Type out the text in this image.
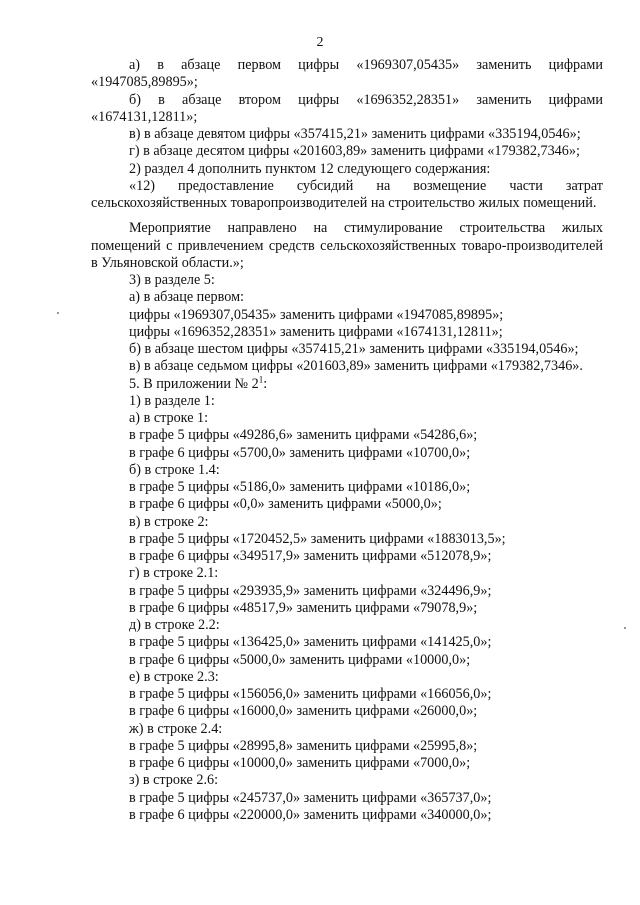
2

а) в абзаце первом цифры «1969307,05435» заменить цифрами «1947085,89895»;

б) в абзаце втором цифры «1696352,28351» заменить цифрами «1674131,12811»;

в) в абзаце девятом цифры «357415,21» заменить цифрами «335194,0546»;

г) в абзаце десятом цифры «201603,89» заменить цифрами «179382,7346»;

2) раздел 4 дополнить пунктом 12 следующего содержания:

«12) предоставление субсидий на возмещение части затрат сельскохозяйственных товаропроизводителей на строительство жилых помещений.

Мероприятие направлено на стимулирование строительства жилых помещений с привлечением средств сельскохозяйственных товаро-производителей в Ульяновской области.»;

3) в разделе 5:

а) в абзаце первом:

цифры «1969307,05435» заменить цифрами «1947085,89895»;

цифры «1696352,28351» заменить цифрами «1674131,12811»;

б) в абзаце шестом цифры «357415,21» заменить цифрами «335194,0546»;

в) в абзаце седьмом цифры «201603,89» заменить цифрами «179382,7346».

5. В приложении № $2^1$:

1) в разделе 1:

а) в строке 1:

в графе 5 цифры «49286,6» заменить цифрами «54286,6»;

в графе 6 цифры «5700,0» заменить цифрами «10700,0»;

б) в строке 1.4:

в графе 5 цифры «5186,0» заменить цифрами «10186,0»;

в графе 6 цифры «0,0» заменить цифрами «5000,0»;

в) в строке 2:

в графе 5 цифры «1720452,5» заменить цифрами «1883013,5»;

в графе 6 цифры «349517,9» заменить цифрами «512078,9»;

г) в строке 2.1:

в графе 5 цифры «293935,9» заменить цифрами «324496,9»;

в графе 6 цифры «48517,9» заменить цифрами «79078,9»;

д) в строке 2.2:

в графе 5 цифры «136425,0» заменить цифрами «141425,0»;

в графе 6 цифры «5000,0» заменить цифрами «10000,0»;

е) в строке 2.3:

в графе 5 цифры «156056,0» заменить цифрами «166056,0»;

в графе 6 цифры «16000,0» заменить цифрами «26000,0»;

ж) в строке 2.4:

в графе 5 цифры «28995,8» заменить цифрами «25995,8»;

в графе 6 цифры «10000,0» заменить цифрами «7000,0»;

з) в строке 2.6:

в графе 5 цифры «245737,0» заменить цифрами «365737,0»;

в графе 6 цифры «220000,0» заменить цифрами «340000,0»;
